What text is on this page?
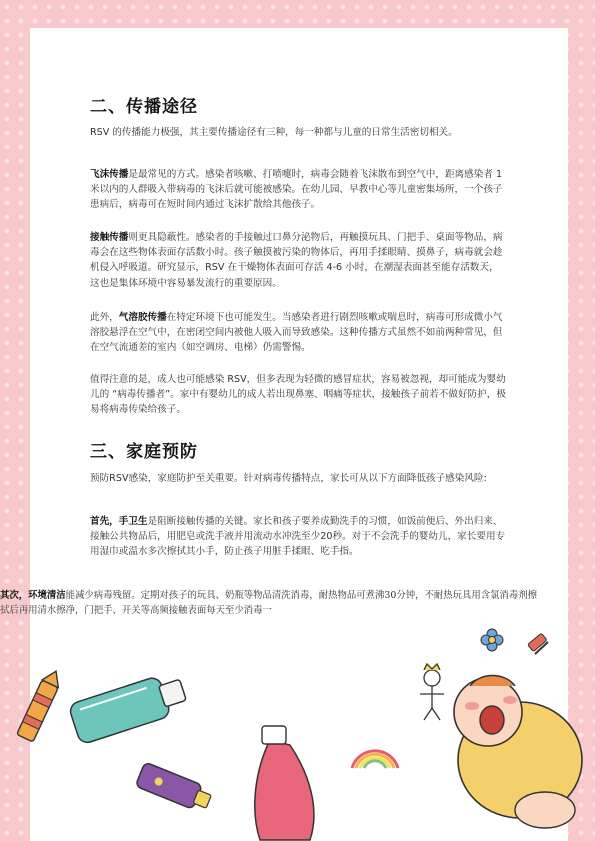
二、传播途径

RSV 的传播能力极强，其主要传播途径有三种，每一种都与儿童的日常生活密切相关。

飞沫传播是最常见的方式。感染者咳嗽、打喷嚏时，病毒会随着飞沫散布到空气中，距离感染者 1 米以内的人群吸入带病毒的飞沫后就可能被感染。在幼儿园、早教中心等儿童密集场所，一个孩子患病后，病毒可在短时间内通过飞沫扩散给其他孩子。

接触传播则更具隐蔽性。感染者的手接触过口鼻分泌物后，再触摸玩具、门把手、桌面等物品，病毒会在这些物体表面存活数小时。孩子触摸被污染的物体后，再用手揉眼睛、摸鼻子，病毒就会趁机侵入呼吸道。研究显示，RSV 在干燥物体表面可存活 4-6 小时，在潮湿表面甚至能存活数天，这也是集体环境中容易暴发流行的重要原因。

此外，气溶胶传播在特定环境下也可能发生。当感染者进行剧烈咳嗽或喘息时，病毒可形成微小气溶胶悬浮在空气中，在密闭空间内被他人吸入而导致感染。这种传播方式虽然不如前两种常见，但在空气流通差的室内（如空调房、电梯）仍需警惕。

值得注意的是，成人也可能感染 RSV，但多表现为轻微的感冒症状，容易被忽视，却可能成为婴幼儿的 “病毒传播者”。家中有婴幼儿的成人若出现鼻塞、咽痛等症状，接触孩子前若不做好防护，极易将病毒传染给孩子。

三、家庭预防

预防RSV感染，家庭防护至关重要。针对病毒传播特点，家长可从以下方面降低孩子感染风险:

首先，手卫生是阻断接触传播的关键。家长和孩子要养成勤洗手的习惯，如饭前便后、外出归来、接触公共物品后，用肥皂或洗手液并用流动水冲洗至少20秒。对于不会洗手的婴幼儿，家长要用专用湿巾或温水多次擦拭其小手，防止孩子用脏手揉眼、吃手指。

其次，环境清洁能减少病毒残留。定期对孩子的玩具、奶瓶等物品清洗消毒，耐热物品可煮沸30分钟，不耐热玩具用含氯消毒剂擦
拭后再用清水擦净，门把手、开关等高频接触表面每天至少消毒一
